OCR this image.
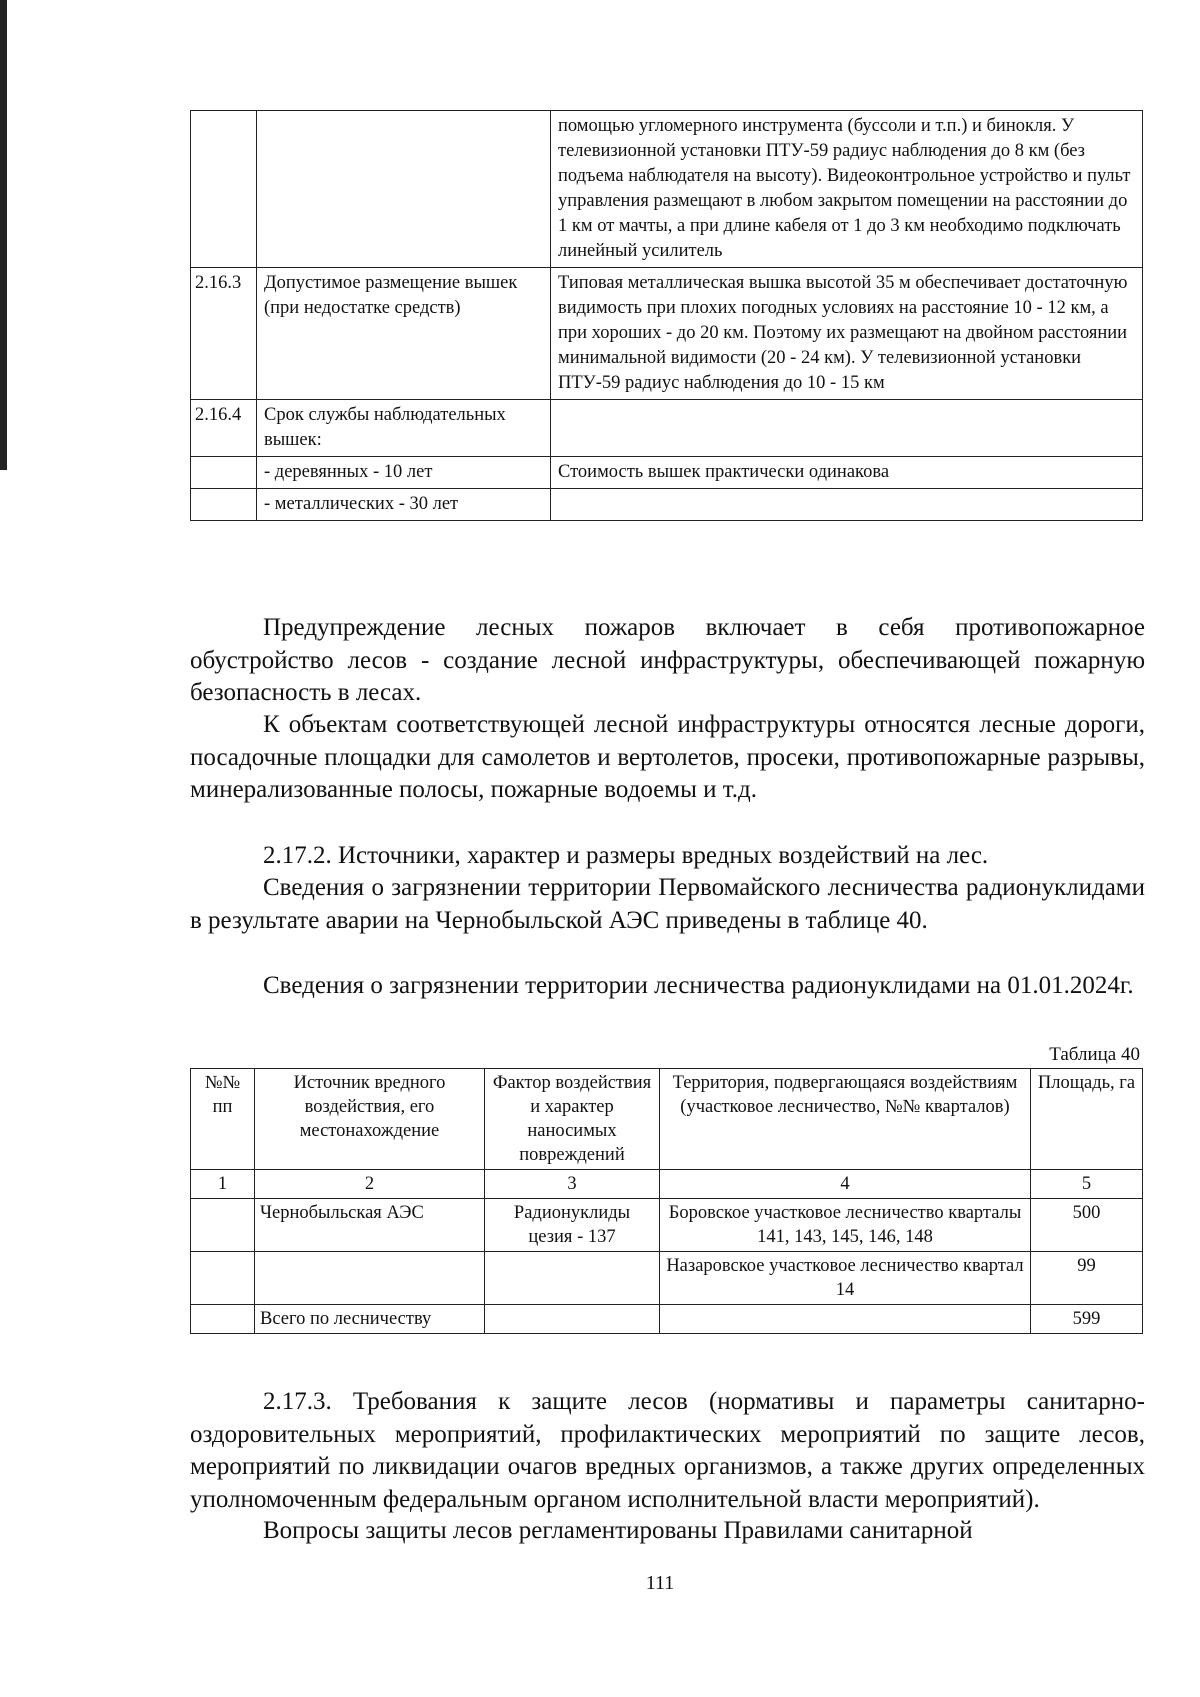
		помощью угломерного инструмента (буссоли и т.п.) и бинокля. У телевизионной установки ПТУ-59 радиус наблюдения до 8 км (без подъема наблюдателя на высоту). Видеоконтрольное устройство и пульт управления размещают в любом закрытом помещении на расстоянии до 1 км от мачты, а при длине кабеля от 1 до 3 км необходимо подключать линейный усилитель
2.16.3	Допустимое размещение вышек (при недостатке средств)	Типовая металлическая вышка высотой 35 м обеспечивает достаточную видимость при плохих погодных условиях на расстояние 10 - 12 км, а при хороших - до 20 км. Поэтому их размещают на двойном расстоянии минимальной видимости (20 - 24 км). У телевизионной установки ПТУ-59 радиус наблюдения до 10 - 15 км
2.16.4	Срок службы наблюдательных вышек:	
	- деревянных - 10 лет	Стоимость вышек практически одинакова
	- металлических - 30 лет	

Предупреждение лесных пожаров включает в себя противопожарное обустройство лесов - создание лесной инфраструктуры, обеспечивающей пожарную безопасность в лесах.

К объектам соответствующей лесной инфраструктуры относятся лесные дороги, посадочные площадки для самолетов и вертолетов, просеки, противопожарные разрывы, минерализованные полосы, пожарные водоемы и т.д.

2.17.2. Источники, характер и размеры вредных воздействий на лес.

Сведения о загрязнении территории Первомайского лесничества радионуклидами в результате аварии на Чернобыльской АЭС приведены в таблице 40.

Сведения о загрязнении территории лесничества радионуклидами на 01.01.2024г.

Таблица 40
№№ пп	Источник вредного воздействия, его местонахождение	Фактор воздействия и характер наносимых повреждений	Территория, подвергающаяся воздействиям (участковое лесничество, №№ кварталов)	Площадь, га
1	2	3	4	5
	Чернобыльская АЭС	Радионуклиды цезия - 137	Боровское участковое лесничество кварталы 141, 143, 145, 146, 148	500
			Назаровское участковое лесничество квартал 14	99
	Всего по лесничеству			599

2.17.3. Требования к защите лесов (нормативы и параметры санитарно-оздоровительных мероприятий, профилактических мероприятий по защите лесов, мероприятий по ликвидации очагов вредных организмов, а также других определенных уполномоченным федеральным органом исполнительной власти мероприятий).

Вопросы защиты лесов регламентированы Правилами санитарной

111
